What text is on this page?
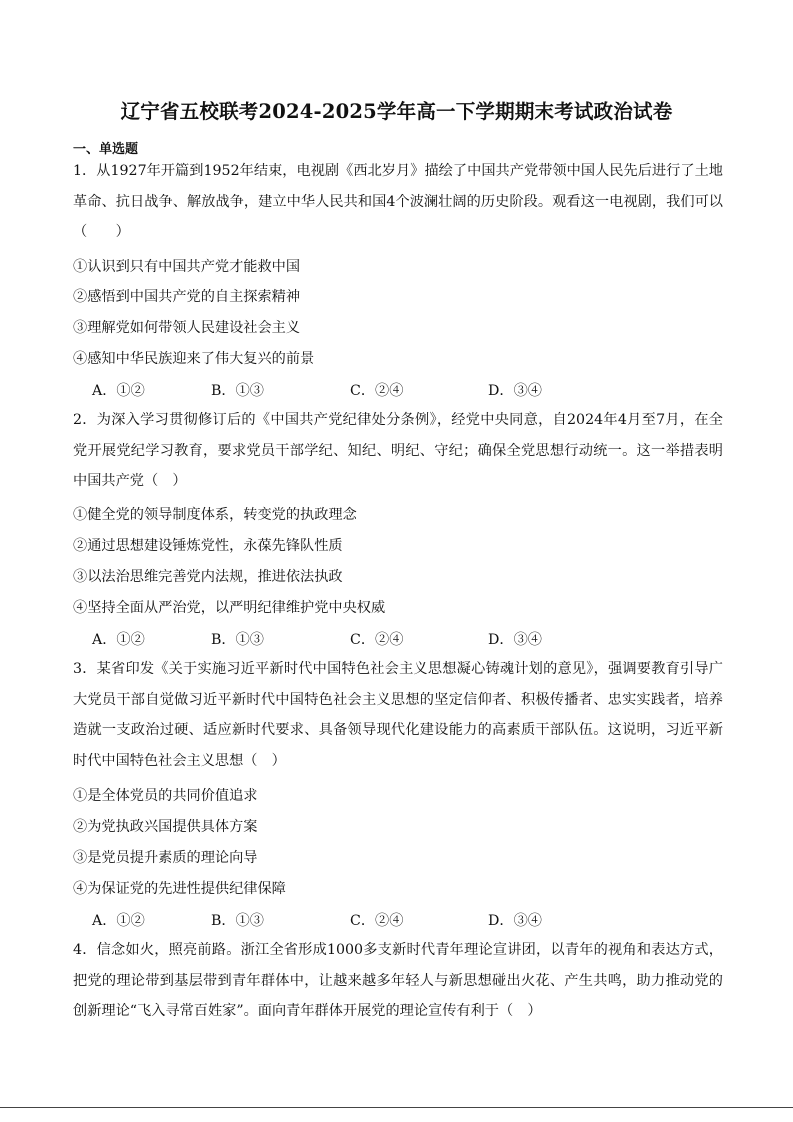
辽宁省五校联考2024-2025学年高一下学期期末考试政治试卷
一、单选题
1．从1927年开篇到1952年结束，电视剧《西北岁月》描绘了中国共产党带领中国人民先后进行了土地革命、抗日战争、解放战争，建立中华人民共和国4个波澜壮阔的历史阶段。观看这一电视剧，我们可以（　　）
①认识到只有中国共产党才能救中国
②感悟到中国共产党的自主探索精神
③理解党如何带领人民建设社会主义
④感知中华民族迎来了伟大复兴的前景
A．①②	B．①③	C．②④	D．③④
2．为深入学习贯彻修订后的《中国共产党纪律处分条例》，经党中央同意，自2024年4月至7月，在全党开展党纪学习教育，要求党员干部学纪、知纪、明纪、守纪；确保全党思想行动统一。这一举措表明中国共产党（　）
①健全党的领导制度体系，转变党的执政理念
②通过思想建设锤炼党性，永葆先锋队性质
③以法治思维完善党内法规，推进依法执政
④坚持全面从严治党，以严明纪律维护党中央权威
A．①②	B．①③	C．②④	D．③④
3．某省印发《关于实施习近平新时代中国特色社会主义思想凝心铸魂计划的意见》，强调要教育引导广大党员干部自觉做习近平新时代中国特色社会主义思想的坚定信仰者、积极传播者、忠实实践者，培养造就一支政治过硬、适应新时代要求、具备领导现代化建设能力的高素质干部队伍。这说明，习近平新时代中国特色社会主义思想（　）
①是全体党员的共同价值追求
②为党执政兴国提供具体方案
③是党员提升素质的理论向导
④为保证党的先进性提供纪律保障
A．①②	B．①③	C．②④	D．③④
4．信念如火，照亮前路。浙江全省形成1000多支新时代青年理论宣讲团，以青年的视角和表达方式，把党的理论带到基层带到青年群体中，让越来越多年轻人与新思想碰出火花、产生共鸣，助力推动党的创新理论“飞入寻常百姓家”。面向青年群体开展党的理论宣传有利于（　）
